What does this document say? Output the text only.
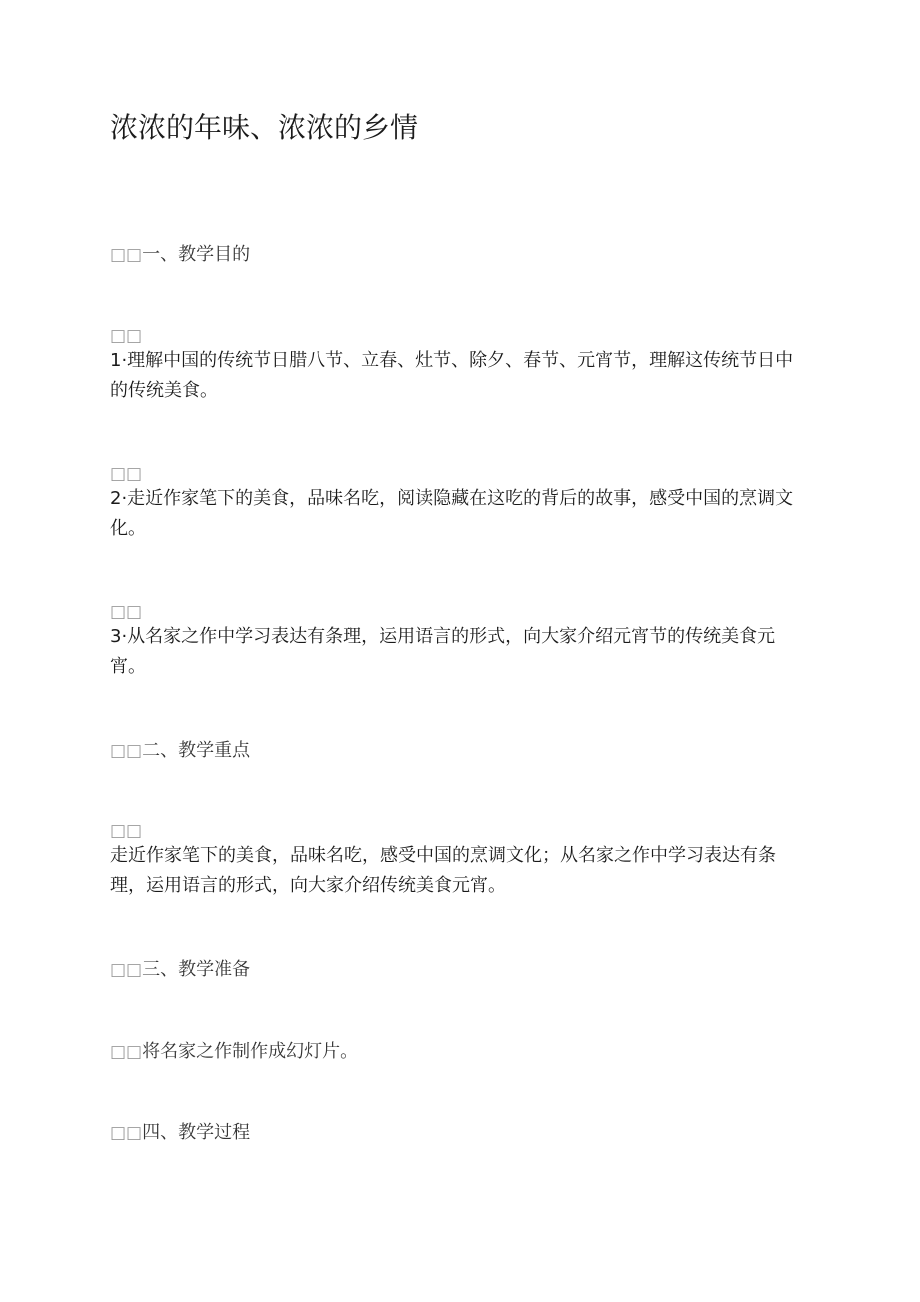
浓浓的年味、浓浓的乡情
□□一、教学目的
□□
1·理解中国的传统节日腊八节、立春、灶节、除夕、春节、元宵节，理解这传统节日中的传统美食。
□□
2·走近作家笔下的美食，品味名吃，阅读隐藏在这吃的背后的故事，感受中国的烹调文化。
□□
3·从名家之作中学习表达有条理，运用语言的形式，向大家介绍元宵节的传统美食元宵。
□□二、教学重点
□□
走近作家笔下的美食，品味名吃，感受中国的烹调文化；从名家之作中学习表达有条理，运用语言的形式，向大家介绍传统美食元宵。
□□三、教学准备
□□将名家之作制作成幻灯片。
□□四、教学过程
